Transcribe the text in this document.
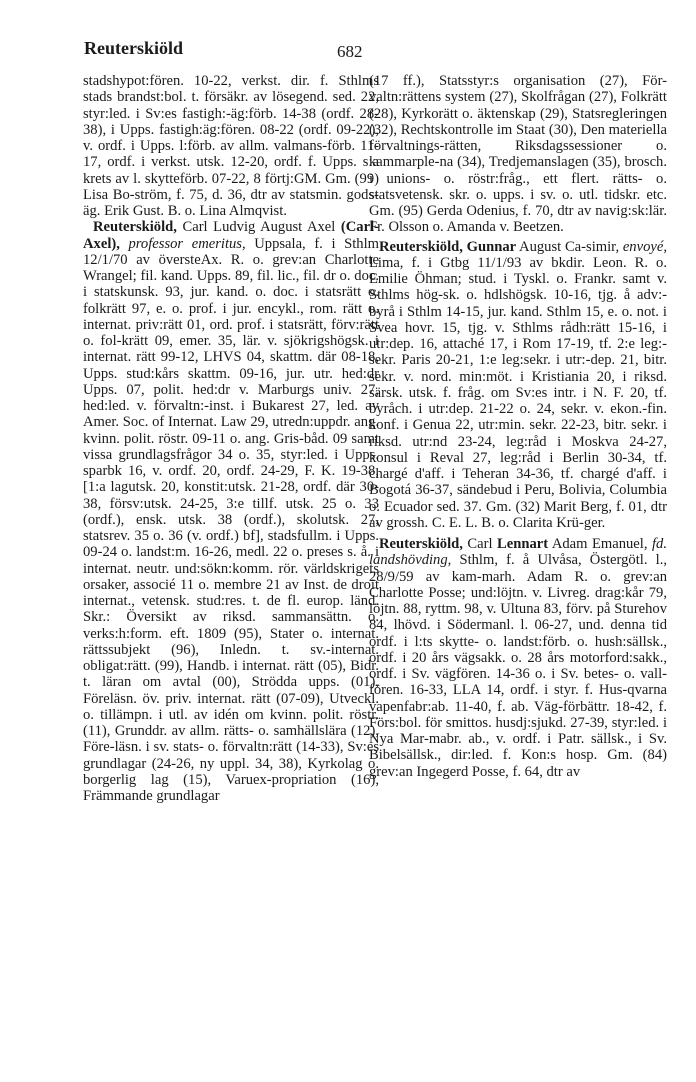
Reuterskiöld	682

stadshypot:fören. 10-22, verkst. dir. f. Sthlms stads brandst:bol. t. försäkr. av lösegend. sed. 22, styr:led. i Sv:es fastigh:-äg:förb. 14-38 (ordf. 28-38), i Upps. fastigh:äg:fören. 08-22 (ordf. 09-22), v. ordf. i Upps. l:förb. av allm. valmans-förb. 11-17, ordf. i verkst. utsk. 12-20, ordf. f. Upps. s:a krets av l. skytteförb. 07-22, 8 förtj:GM. Gm. (99) Lisa Bo-ström, f. 75, d. 36, dtr av statsmin. gods-äg. Erik Gust. B. o. Lina Almqvist.

Reuterskiöld, Carl Ludvig August Axel (Carl-Axel), professor emeritus, Uppsala, f. i Sthlm 12/1/70 av översteAx. R. o. grev:an Charlotte Wrangel; fil. kand. Upps. 89, fil. lic., fil. dr o. doc. i statskunsk. 93, jur. kand. o. doc. i statsrätt o. folkrätt 97, e. o. prof. i jur. encykl., rom. rätt o. internat. priv:rätt 01, ord. prof. i statsrätt, förv:rätt o. fol-krätt 09, emer. 35, lär. v. sjökrigshögsk. i internat. rätt 99-12, LHVS 04, skattm. där 08-18, Upps. stud:kårs skattm. 09-16, jur. utr. hed:dr Upps. 07, polit. hed:dr v. Marburgs univ. 27, hed:led. v. förvaltn:-inst. i Bukarest 27, led. av Amer. Soc. of Internat. Law 29, utredn:uppdr. ang. kvinn. polit. röstr. 09-11 o. ang. Gris-båd. 09 samt vissa grundlagsfrågor 34 o. 35, styr:led. i Upps. sparbk 16, v. ordf. 20, ordf. 24-29, F. K. 19-38, [1:a lagutsk. 20, konstit:utsk. 21-28, ordf. där 30-38, försv:utsk. 24-25, 3:e tillf. utsk. 25 o. 33 (ordf.), ensk. utsk. 38 (ordf.), skolutsk. 27, statsrev. 35 o. 36 (v. ordf.) bf], stadsfullm. i Upps. 09-24 o. landst:m. 16-26, medl. 22 o. preses s. å. i internat. neutr. und:sökn:komm. rör. världskrigets orsaker, associé 11 o. membre 21 av Inst. de droit internat., vetensk. stud:res. t. de fl. europ. länd. Skr.: Översikt av riksd. sammansättn. o. verks:h:form. eft. 1809 (95), Stater o. internat. rättssubjekt (96), Inledn. t. sv.-internat. obligat:rätt. (99), Handb. i internat. rätt (05), Bidr. t. läran om avtal (00), Strödda upps. (01), Föreläsn. öv. priv. internat. rätt (07-09), Utveckl. o. tillämpn. i utl. av idén om kvinn. polit. röstr. (11), Grunddr. av allm. rätts- o. samhällslära (12), Före-läsn. i sv. stats- o. förvaltn:rätt (14-33), Sv:es grundlagar (24-26, ny uppl. 34, 38), Kyrkolag o. borgerlig lag (15), Varuex-propriation (16), Främmande grundlagar

(17 ff.), Statsstyr:s organisation (27), För-valtn:rättens system (27), Skolfrågan (27), Folkrätt (28), Kyrkorätt o. äktenskap (29), Statsregleringen (32), Rechtskontrolle im Staat (30), Den materiella förvaltnings-rätten, Riksdagssessioner o. kammarple-na (34), Tredjemanslagen (35), brosch. i unions- o. röstr:fråg., ett flert. rätts- o. statsvetensk. skr. o. upps. i sv. o. utl. tidskr. etc. Gm. (95) Gerda Odenius, f. 70, dtr av navig:sk:lär. Fr. Olsson o. Amanda v. Beetzen.

Reuterskiöld, Gunnar August Ca-simir, envoyé, Lima, f. i Gtbg 11/1/93 av bkdir. Leon. R. o. Emilie Öhman; stud. i Tyskl. o. Frankr. samt v. Sthlms hög-sk. o. hdlshögsk. 10-16, tjg. å adv:-byrå i Sthlm 14-15, jur. kand. Sthlm 15, e. o. not. i Svea hovr. 15, tjg. v. Sthlms rådh:rätt 15-16, i utr:dep. 16, attaché 17, i Rom 17-19, tf. 2:e leg:-sekr. Paris 20-21, 1:e leg:sekr. i utr:-dep. 21, bitr. sekr. v. nord. min:möt. i Kristiania 20, i riksd. särsk. utsk. f. fråg. om Sv:es intr. i N. F. 20, tf. byråch. i utr:dep. 21-22 o. 24, sekr. v. ekon.-fin. konf. i Genua 22, utr:min. sekr. 22-23, bitr. sekr. i riksd. utr:nd 23-24, leg:råd i Moskva 24-27, konsul i Reval 27, leg:råd i Berlin 30-34, tf. chargé d'aff. i Teheran 34-36, tf. chargé d'aff. i Bogotá 36-37, sändebud i Peru, Bolivia, Columbia o. Ecuador sed. 37. Gm. (32) Marit Berg, f. 01, dtr av grossh. C. E. L. B. o. Clarita Krü-ger.

Reuterskiöld, Carl Lennart Adam Emanuel, fd. landshövding, Sthlm, f. å Ulvåsa, Östergötl. l., 28/9/59 av kam-marh. Adam R. o. grev:an Charlotte Posse; und:löjtn. v. Livreg. drag:kår 79, löjtn. 88, ryttm. 98, v. Ultuna 83, förv. på Sturehov 84, lhövd. i Södermanl. l. 06-27, und. denna tid ordf. i l:ts skytte- o. landst:förb. o. hush:sällsk., ordf. i 20 års vägsakk. o. 28 års motorford:sakk., ordf. i Sv. vägfören. 14-36 o. i Sv. betes- o. vall-fören. 16-33, LLA 14, ordf. i styr. f. Hus-qvarna vapenfabr:ab. 11-40, f. ab. Väg-förbättr. 18-42, f. Förs:bol. för smittos. husdj:sjukd. 27-39, styr:led. i Nya Mar-mabr. ab., v. ordf. i Patr. sällsk., i Sv. Bibelsällsk., dir:led. f. Kon:s hosp. Gm. (84) grev:an Ingegerd Posse, f. 64, dtr av
